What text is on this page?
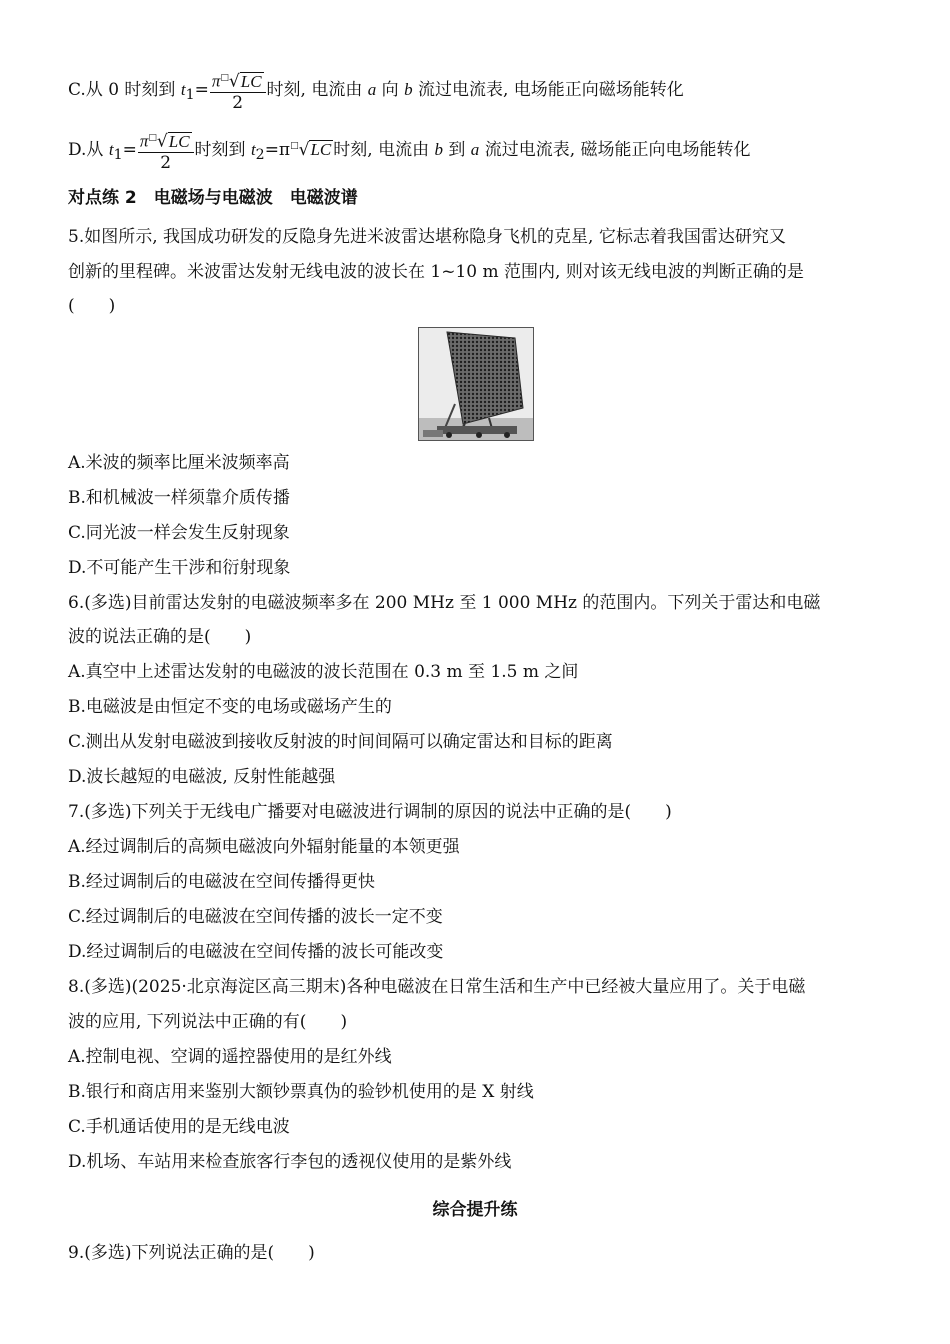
C.从 0 时刻到 $t_1= \frac{\pi^□√LC}{2}$ 时刻, 电流由 a 向 b 流过电流表, 电场能正向磁场能转化
D.从 $t_1= \frac{\pi^□√LC}{2}$ 时刻到 $t_2=\pi^□√LC$ 时刻, 电流由 b 到 a 流过电流表, 磁场能正向电场能转化
对点练 2　电磁场与电磁波　电磁波谱
5.如图所示, 我国成功研发的反隐身先进米波雷达堪称隐身飞机的克星, 它标志着我国雷达研究又
创新的里程碑。米波雷达发射无线电波的波长在 1~10 m 范围内, 则对该无线电波的判断正确的是
(　　)
A.米波的频率比厘米波频率高
B.和机械波一样须靠介质传播
C.同光波一样会发生反射现象
D.不可能产生干涉和衍射现象
6.(多选)目前雷达发射的电磁波频率多在 200 MHz 至 1 000 MHz 的范围内。下列关于雷达和电磁
波的说法正确的是(　　)
A.真空中上述雷达发射的电磁波的波长范围在 0.3 m 至 1.5 m 之间
B.电磁波是由恒定不变的电场或磁场产生的
C.测出从发射电磁波到接收反射波的时间间隔可以确定雷达和目标的距离
D.波长越短的电磁波, 反射性能越强
7.(多选)下列关于无线电广播要对电磁波进行调制的原因的说法中正确的是(　　)
A.经过调制后的高频电磁波向外辐射能量的本领更强
B.经过调制后的电磁波在空间传播得更快
C.经过调制后的电磁波在空间传播的波长一定不变
D.经过调制后的电磁波在空间传播的波长可能改变
8.(多选)(2025·北京海淀区高三期末)各种电磁波在日常生活和生产中已经被大量应用了。关于电磁
波的应用, 下列说法中正确的有(　　)
A.控制电视、空调的遥控器使用的是红外线
B.银行和商店用来鉴别大额钞票真伪的验钞机使用的是 X 射线
C.手机通话使用的是无线电波
D.机场、车站用来检查旅客行李包的透视仪使用的是紫外线
综合提升练
9.(多选)下列说法正确的是(　　)
